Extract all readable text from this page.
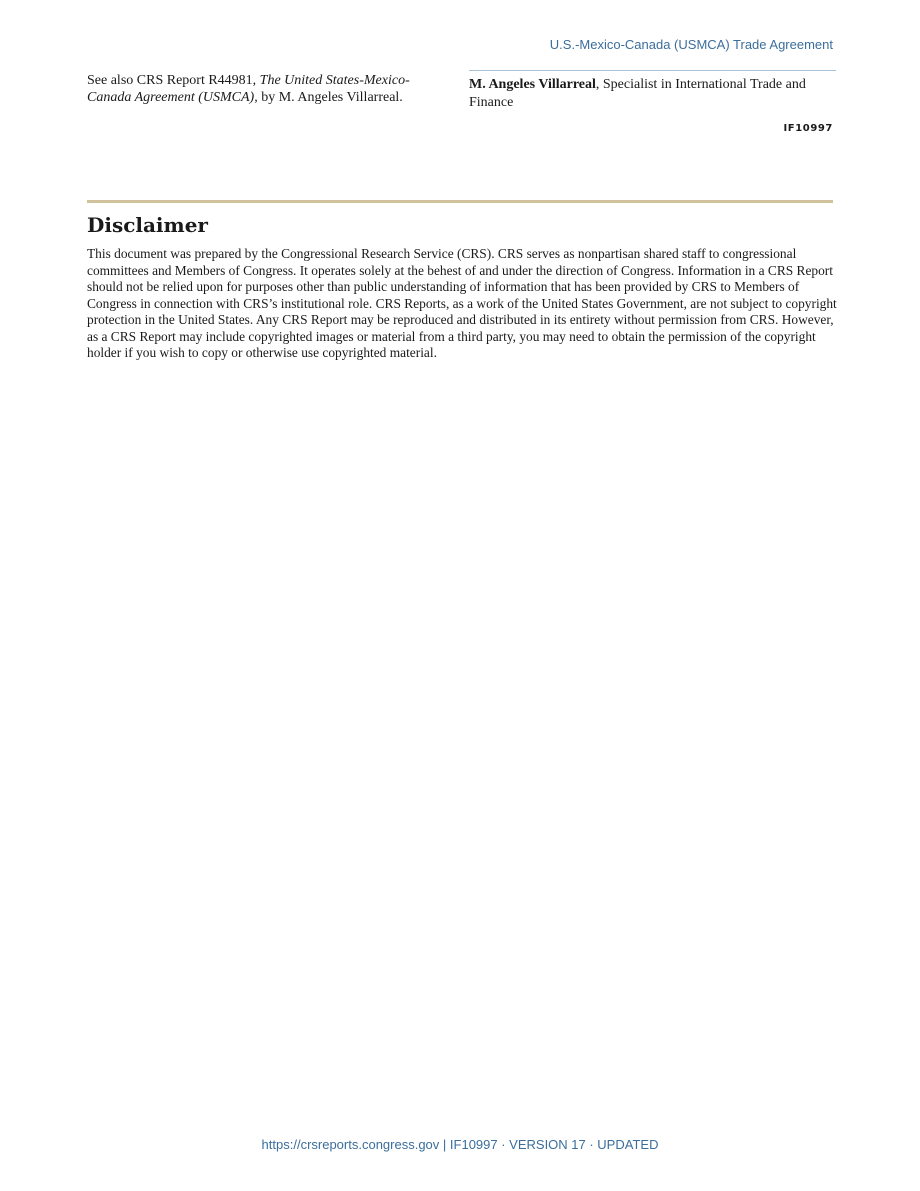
U.S.-Mexico-Canada (USMCA) Trade Agreement
See also CRS Report R44981, The United States-Mexico-Canada Agreement (USMCA), by M. Angeles Villarreal.
M. Angeles Villarreal, Specialist in International Trade and Finance
IF10997
Disclaimer

This document was prepared by the Congressional Research Service (CRS). CRS serves as nonpartisan shared staff to congressional committees and Members of Congress. It operates solely at the behest of and under the direction of Congress. Information in a CRS Report should not be relied upon for purposes other than public understanding of information that has been provided by CRS to Members of Congress in connection with CRS’s institutional role. CRS Reports, as a work of the United States Government, are not subject to copyright protection in the United States. Any CRS Report may be reproduced and distributed in its entirety without permission from CRS. However, as a CRS Report may include copyrighted images or material from a third party, you may need to obtain the permission of the copyright holder if you wish to copy or otherwise use copyrighted material.

https://crsreports.congress.gov | IF10997 · VERSION 17 · UPDATED
